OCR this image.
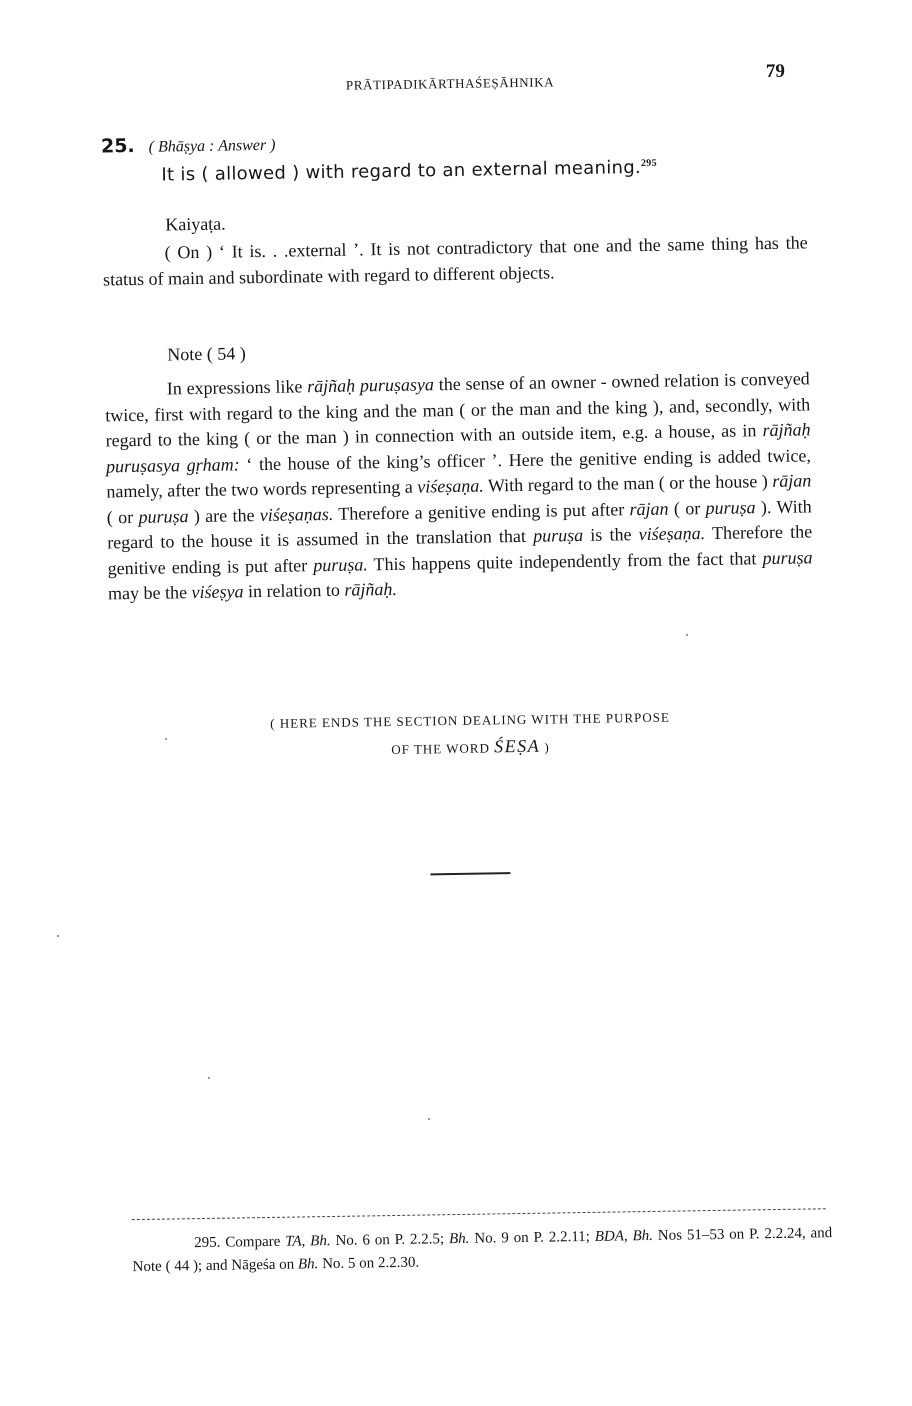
PRĀTIPADIKĀRTHAŚEṢĀHNIKA
79
25. ( Bhāṣya : Answer )
It is ( allowed ) with regard to an external meaning.$^{295}$
Kaiyaṭa.
( On ) ‘ It is. . .external ’. It is not contradictory that one and the same thing has the status of main and subordinate with regard to different objects.
Note ( 54 )
In expressions like rājñaḥ puruṣasya the sense of an owner - owned relation is conveyed twice, first with regard to the king and the man ( or the man and the king ), and, secondly, with regard to the king ( or the man ) in connection with an outside item, e.g. a house, as in rājñaḥ puruṣasya gṛham: ‘ the house of the king’s officer ’. Here the genitive ending is added twice, namely, after the two words representing a viśeṣaṇa. With regard to the man ( or the house ) rājan ( or puruṣa ) are the viśeṣaṇas. Therefore a genitive ending is put after rājan ( or puruṣa ). With regard to the house it is assumed in the translation that puruṣa is the viśeṣaṇa. Therefore the genitive ending is put after puruṣa. This happens quite independently from the fact that puruṣa may be the viśeṣya in relation to rājñaḥ.
( HERE ENDS THE SECTION DEALING WITH THE PURPOSE
OF THE WORD ŚEṢA )
295. Compare TA, Bh. No. 6 on P. 2.2.5; Bh. No. 9 on P. 2.2.11; BDA, Bh. Nos 51–53 on P. 2.2.24, and Note ( 44 ); and Nāgeśa on Bh. No. 5 on 2.2.30.
